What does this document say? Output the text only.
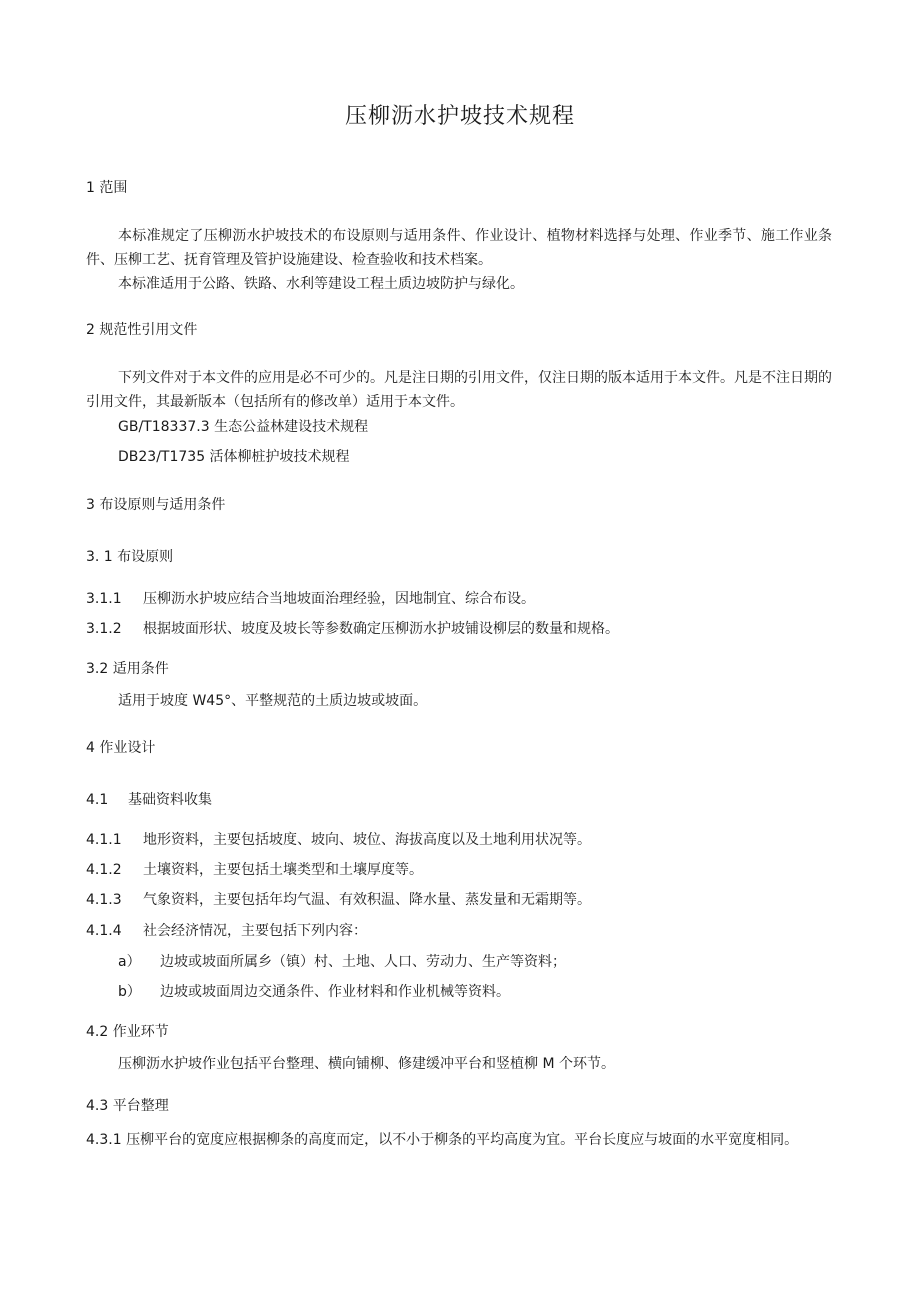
压柳沥水护坡技术规程
1 范围
本标准规定了压柳沥水护坡技术的布设原则与适用条件、作业设计、植物材料选择与处理、作业季节、施工作业条件、压柳工艺、抚育管理及管护设施建设、检查验收和技术档案。
本标准适用于公路、铁路、水利等建设工程土质边坡防护与绿化。
2 规范性引用文件
下列文件对于本文件的应用是必不可少的。凡是注日期的引用文件，仅注日期的版本适用于本文件。凡是不注日期的引用文件，其最新版本（包括所有的修改单）适用于本文件。
GB/T18337.3 生态公益林建设技术规程
DB23/T1735 活体柳桩护坡技术规程
3 布设原则与适用条件
3. 1 布设原则
3.1.1 压柳沥水护坡应结合当地坡面治理经验，因地制宜、综合布设。
3.1.2 根据坡面形状、坡度及坡长等参数确定压柳沥水护坡铺设柳层的数量和规格。
3.2 适用条件
适用于坡度 W45°、平整规范的土质边坡或坡面。
4 作业设计
4.1 基础资料收集
4.1.1 地形资料，主要包括坡度、坡向、坡位、海拔高度以及土地利用状况等。
4.1.2 土壤资料，主要包括土壤类型和土壤厚度等。
4.1.3 气象资料，主要包括年均气温、有效积温、降水量、蒸发量和无霜期等。
4.1.4 社会经济情况，主要包括下列内容：
a） 边坡或坡面所属乡（镇）村、土地、人口、劳动力、生产等资料；
b） 边坡或坡面周边交通条件、作业材料和作业机械等资料。
4.2 作业环节
压柳沥水护坡作业包括平台整理、横向铺柳、修建缓冲平台和竖植柳 M 个环节。
4.3 平台整理
4.3.1 压柳平台的宽度应根据柳条的高度而定，以不小于柳条的平均高度为宜。平台长度应与坡面的水平宽度相同。
